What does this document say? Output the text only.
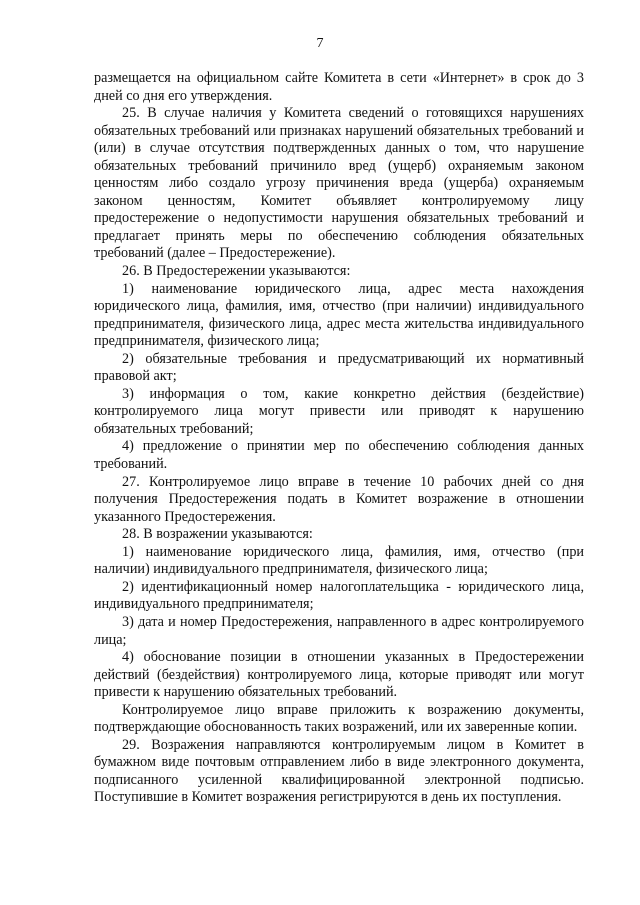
7

размещается на официальном сайте Комитета в сети «Интернет» в срок до 3 дней со дня его утверждения.

25. В случае наличия у Комитета сведений о готовящихся нарушениях обязательных требований или признаках нарушений обязательных требований и (или) в случае отсутствия подтвержденных данных о том, что нарушение обязательных требований причинило вред (ущерб) охраняемым законом ценностям либо создало угрозу причинения вреда (ущерба) охраняемым законом ценностям, Комитет объявляет контролируемому лицу предостережение о недопустимости нарушения обязательных требований и предлагает принять меры по обеспечению соблюдения обязательных требований (далее – Предостережение).

26. В Предостережении указываются:

1) наименование юридического лица, адрес места нахождения юридического лица, фамилия, имя, отчество (при наличии) индивидуального предпринимателя, физического лица, адрес места жительства индивидуального предпринимателя, физического лица;

2) обязательные требования и предусматривающий их нормативный правовой акт;

3) информация о том, какие конкретно действия (бездействие) контролируемого лица могут привести или приводят к нарушению обязательных требований;

4) предложение о принятии мер по обеспечению соблюдения данных требований.

27. Контролируемое лицо вправе в течение 10 рабочих дней со дня получения Предостережения подать в Комитет возражение в отношении указанного Предостережения.

28. В возражении указываются:

1) наименование юридического лица, фамилия, имя, отчество (при наличии) индивидуального предпринимателя, физического лица;

2) идентификационный номер налогоплательщика - юридического лица, индивидуального предпринимателя;

3) дата и номер Предостережения, направленного в адрес контролируемого лица;

4) обоснование позиции в отношении указанных в Предостережении действий (бездействия) контролируемого лица, которые приводят или могут привести к нарушению обязательных требований.

Контролируемое лицо вправе приложить к возражению документы, подтверждающие обоснованность таких возражений, или их заверенные копии.

29. Возражения направляются контролируемым лицом в Комитет в бумажном виде почтовым отправлением либо в виде электронного документа, подписанного усиленной квалифицированной электронной подписью. Поступившие в Комитет возражения регистрируются в день их поступления.
